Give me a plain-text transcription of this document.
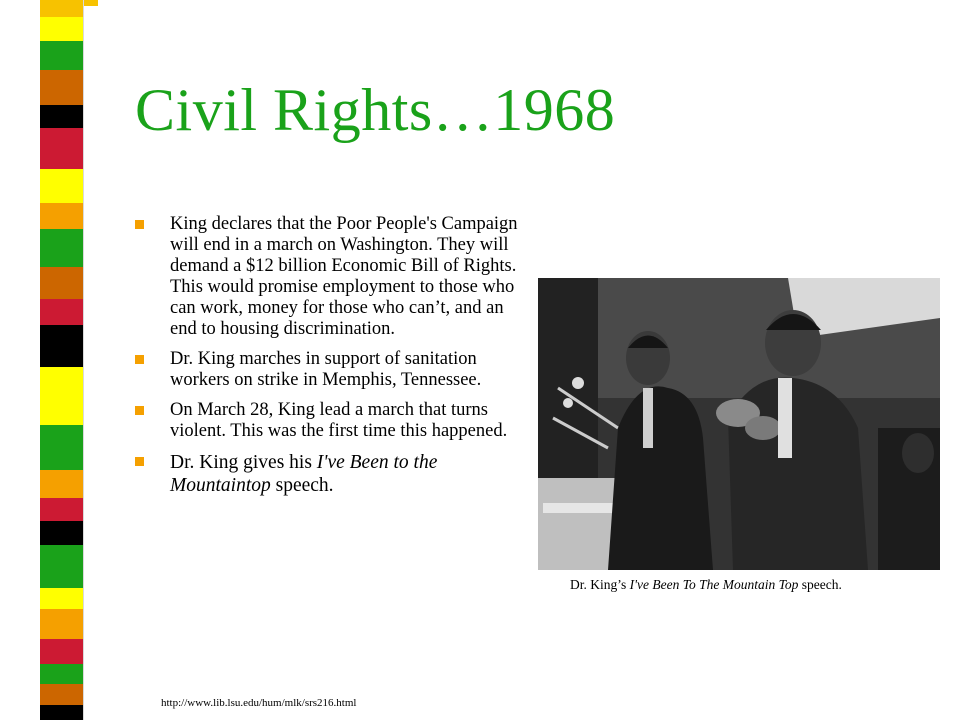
Civil Rights…1968
King declares that the Poor People's Campaign will end in a march on Washington. They will demand a $12 billion Economic Bill of Rights. This would promise employment to those who can work, money for those who can’t, and an end to housing discrimination.
Dr. King marches in support of sanitation workers on strike in Memphis, Tennessee.
On March 28, King lead a march that turns violent. This was the first time this happened.
Dr. King gives his I've Been to the Mountaintop speech.
Dr. King’s I've Been To The Mountain Top speech.
http://www.lib.lsu.edu/hum/mlk/srs216.html
